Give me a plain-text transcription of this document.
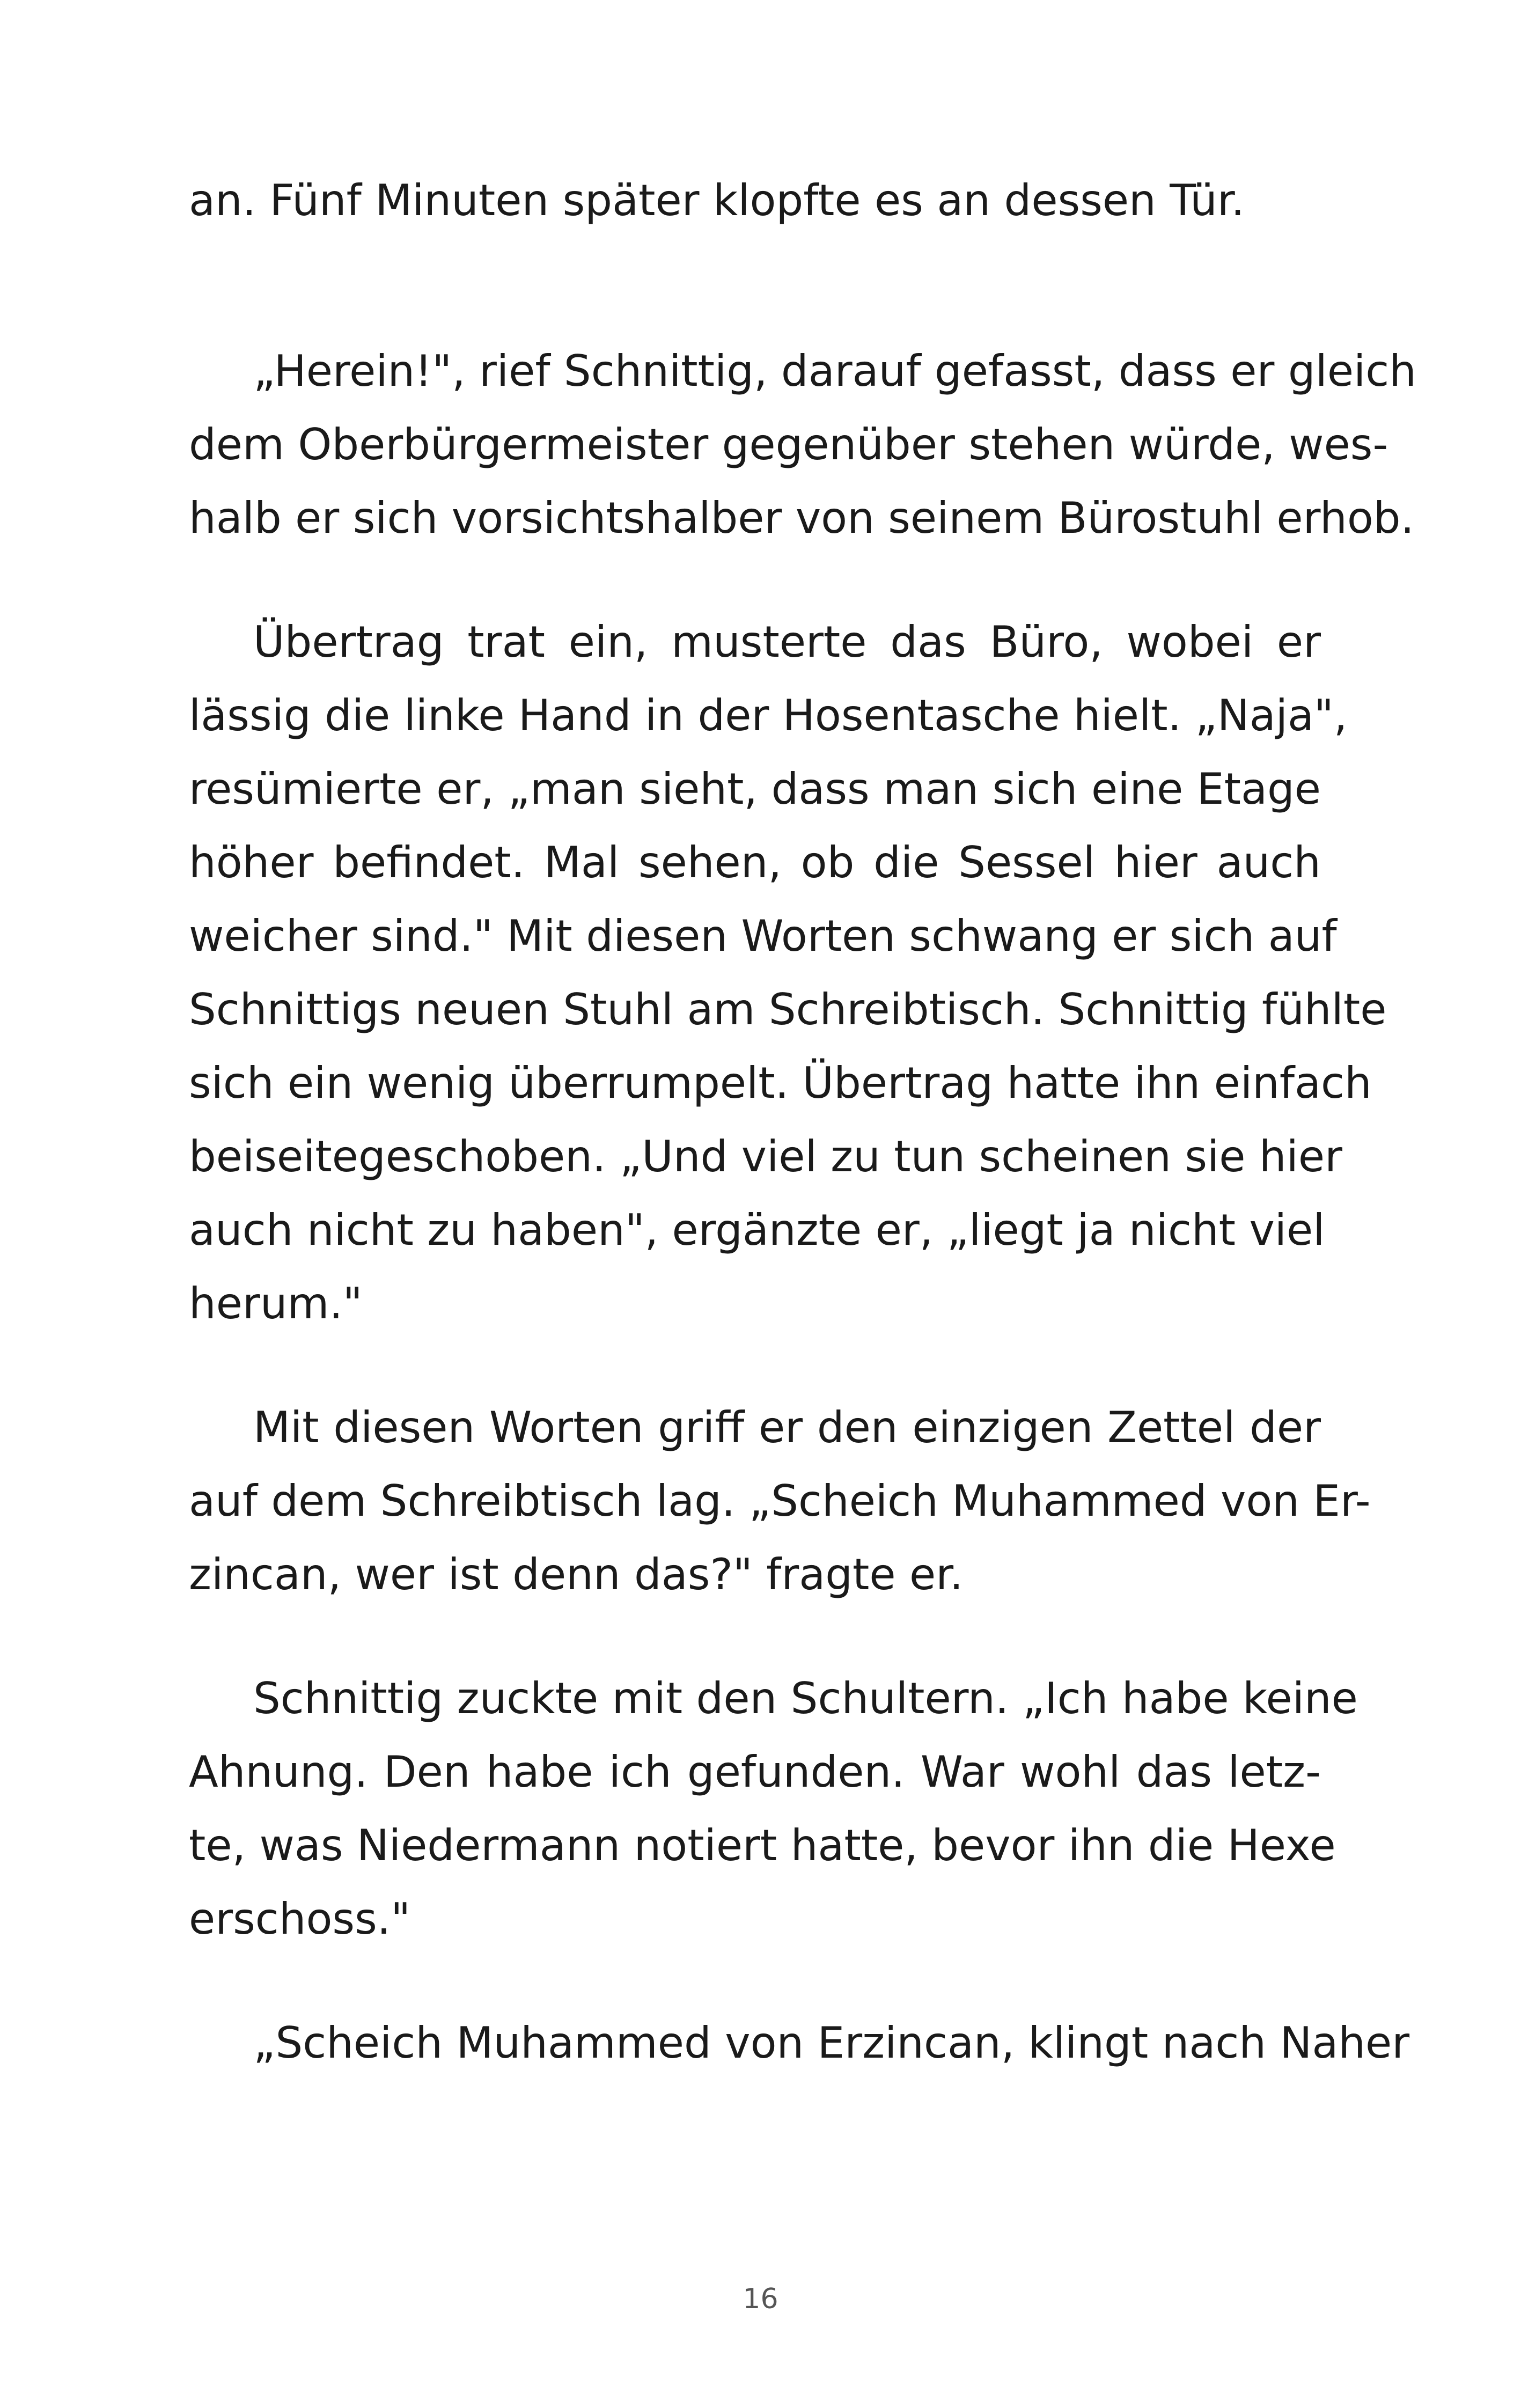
an. Fünf Minuten später klopfte es an dessen Tür.
„Herein!", rief Schnittig, darauf gefasst, dass er gleich
dem Oberbürgermeister gegenüber stehen würde, wes-
halb er sich vorsichtshalber von seinem Bürostuhl erhob.
Übertrag trat ein, musterte das Büro, wobei er
lässig die linke Hand in der Hosentasche hielt. „Naja",
resümierte er, „man sieht, dass man sich eine Etage
höher befindet. Mal sehen, ob die Sessel hier auch
weicher sind." Mit diesen Worten schwang er sich auf
Schnittigs neuen Stuhl am Schreibtisch. Schnittig fühlte
sich ein wenig überrumpelt. Übertrag hatte ihn einfach
beiseitegeschoben. „Und viel zu tun scheinen sie hier
auch nicht zu haben", ergänzte er, „liegt ja nicht viel
herum."
Mit diesen Worten griff er den einzigen Zettel der
auf dem Schreibtisch lag. „Scheich Muhammed von Er-
zincan, wer ist denn das?" fragte er.
Schnittig zuckte mit den Schultern. „Ich habe keine
Ahnung. Den habe ich gefunden. War wohl das letz-
te, was Niedermann notiert hatte, bevor ihn die Hexe
erschoss."
„Scheich Muhammed von Erzincan, klingt nach Naher
16
